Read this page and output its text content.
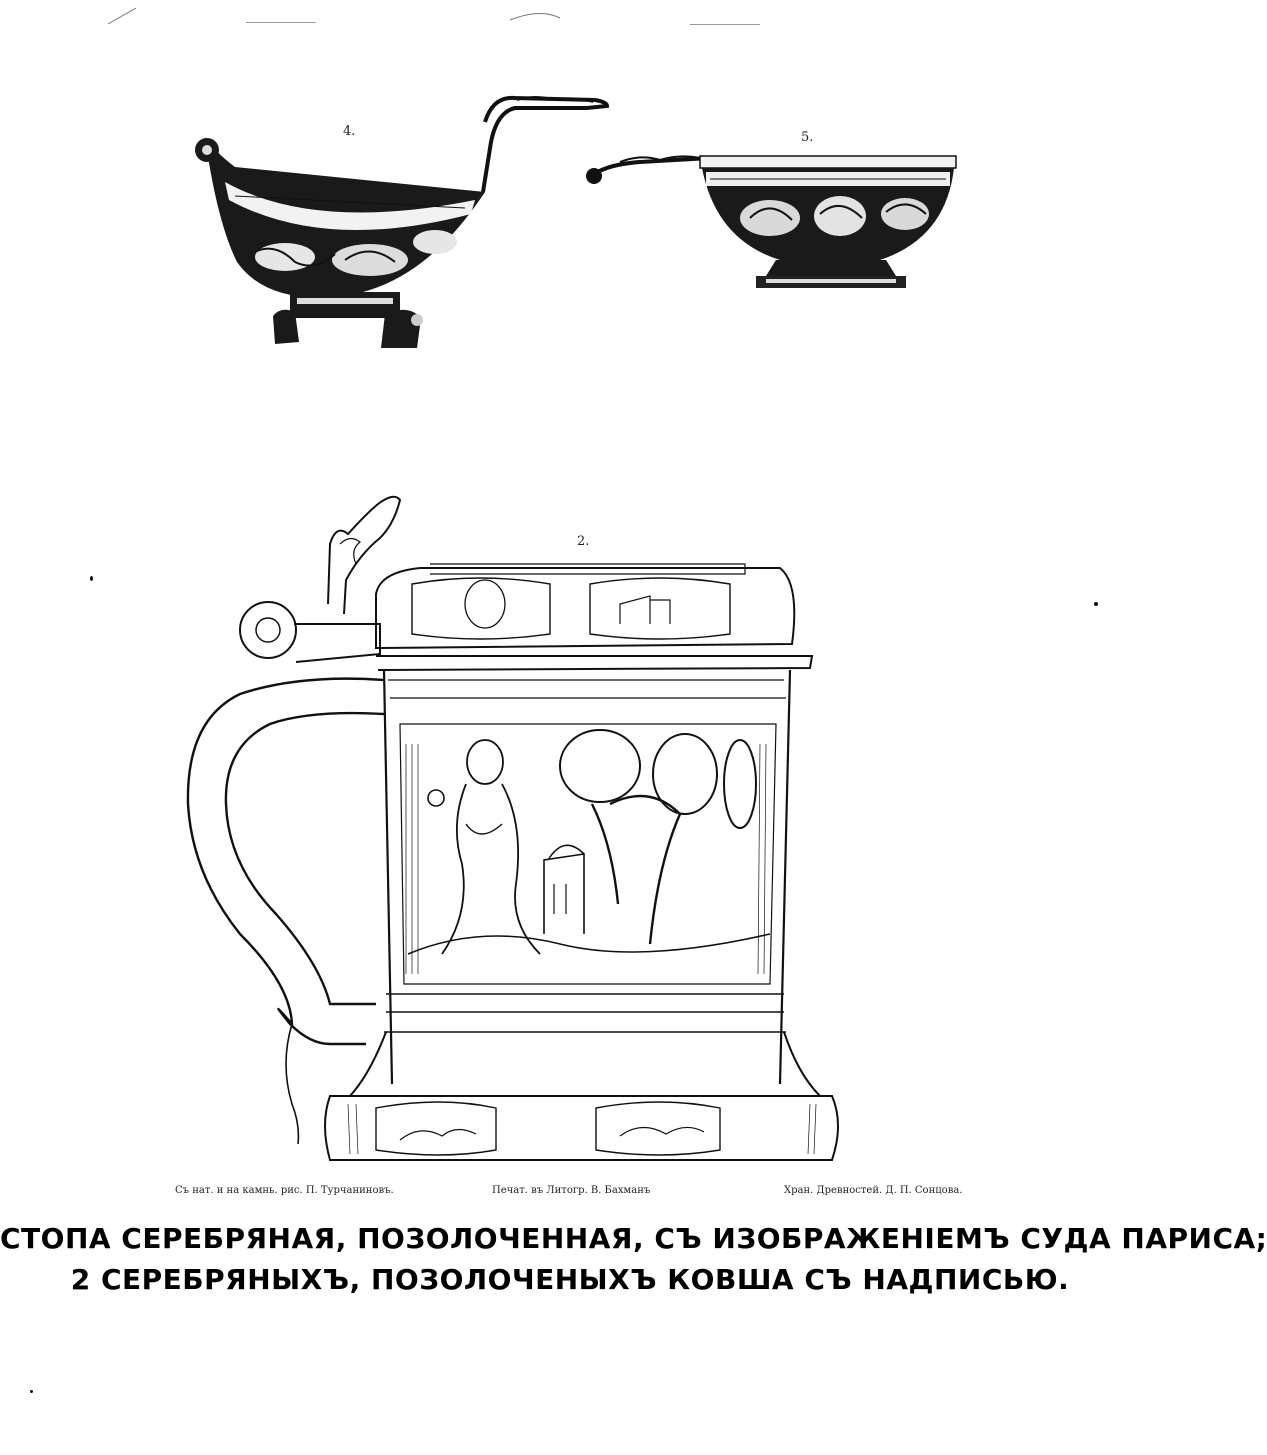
4.	5.
2.
Съ нат. и на камнь. рис. П. Турчаниновъ.	Печат. въ Литогр. В. Бахманъ	Хран. Древностей. Д. П. Сонцова.
СТОПА СЕРЕБРЯНАЯ, ПОЗОЛОЧЕННАЯ, СЪ ИЗОБРАЖЕНІЕМЪ СУДА ПАРИСА;
2 СЕРЕБРЯНЫХЪ, ПОЗОЛОЧЕНЫХЪ КОВША СЪ НАДПИСЬЮ.
